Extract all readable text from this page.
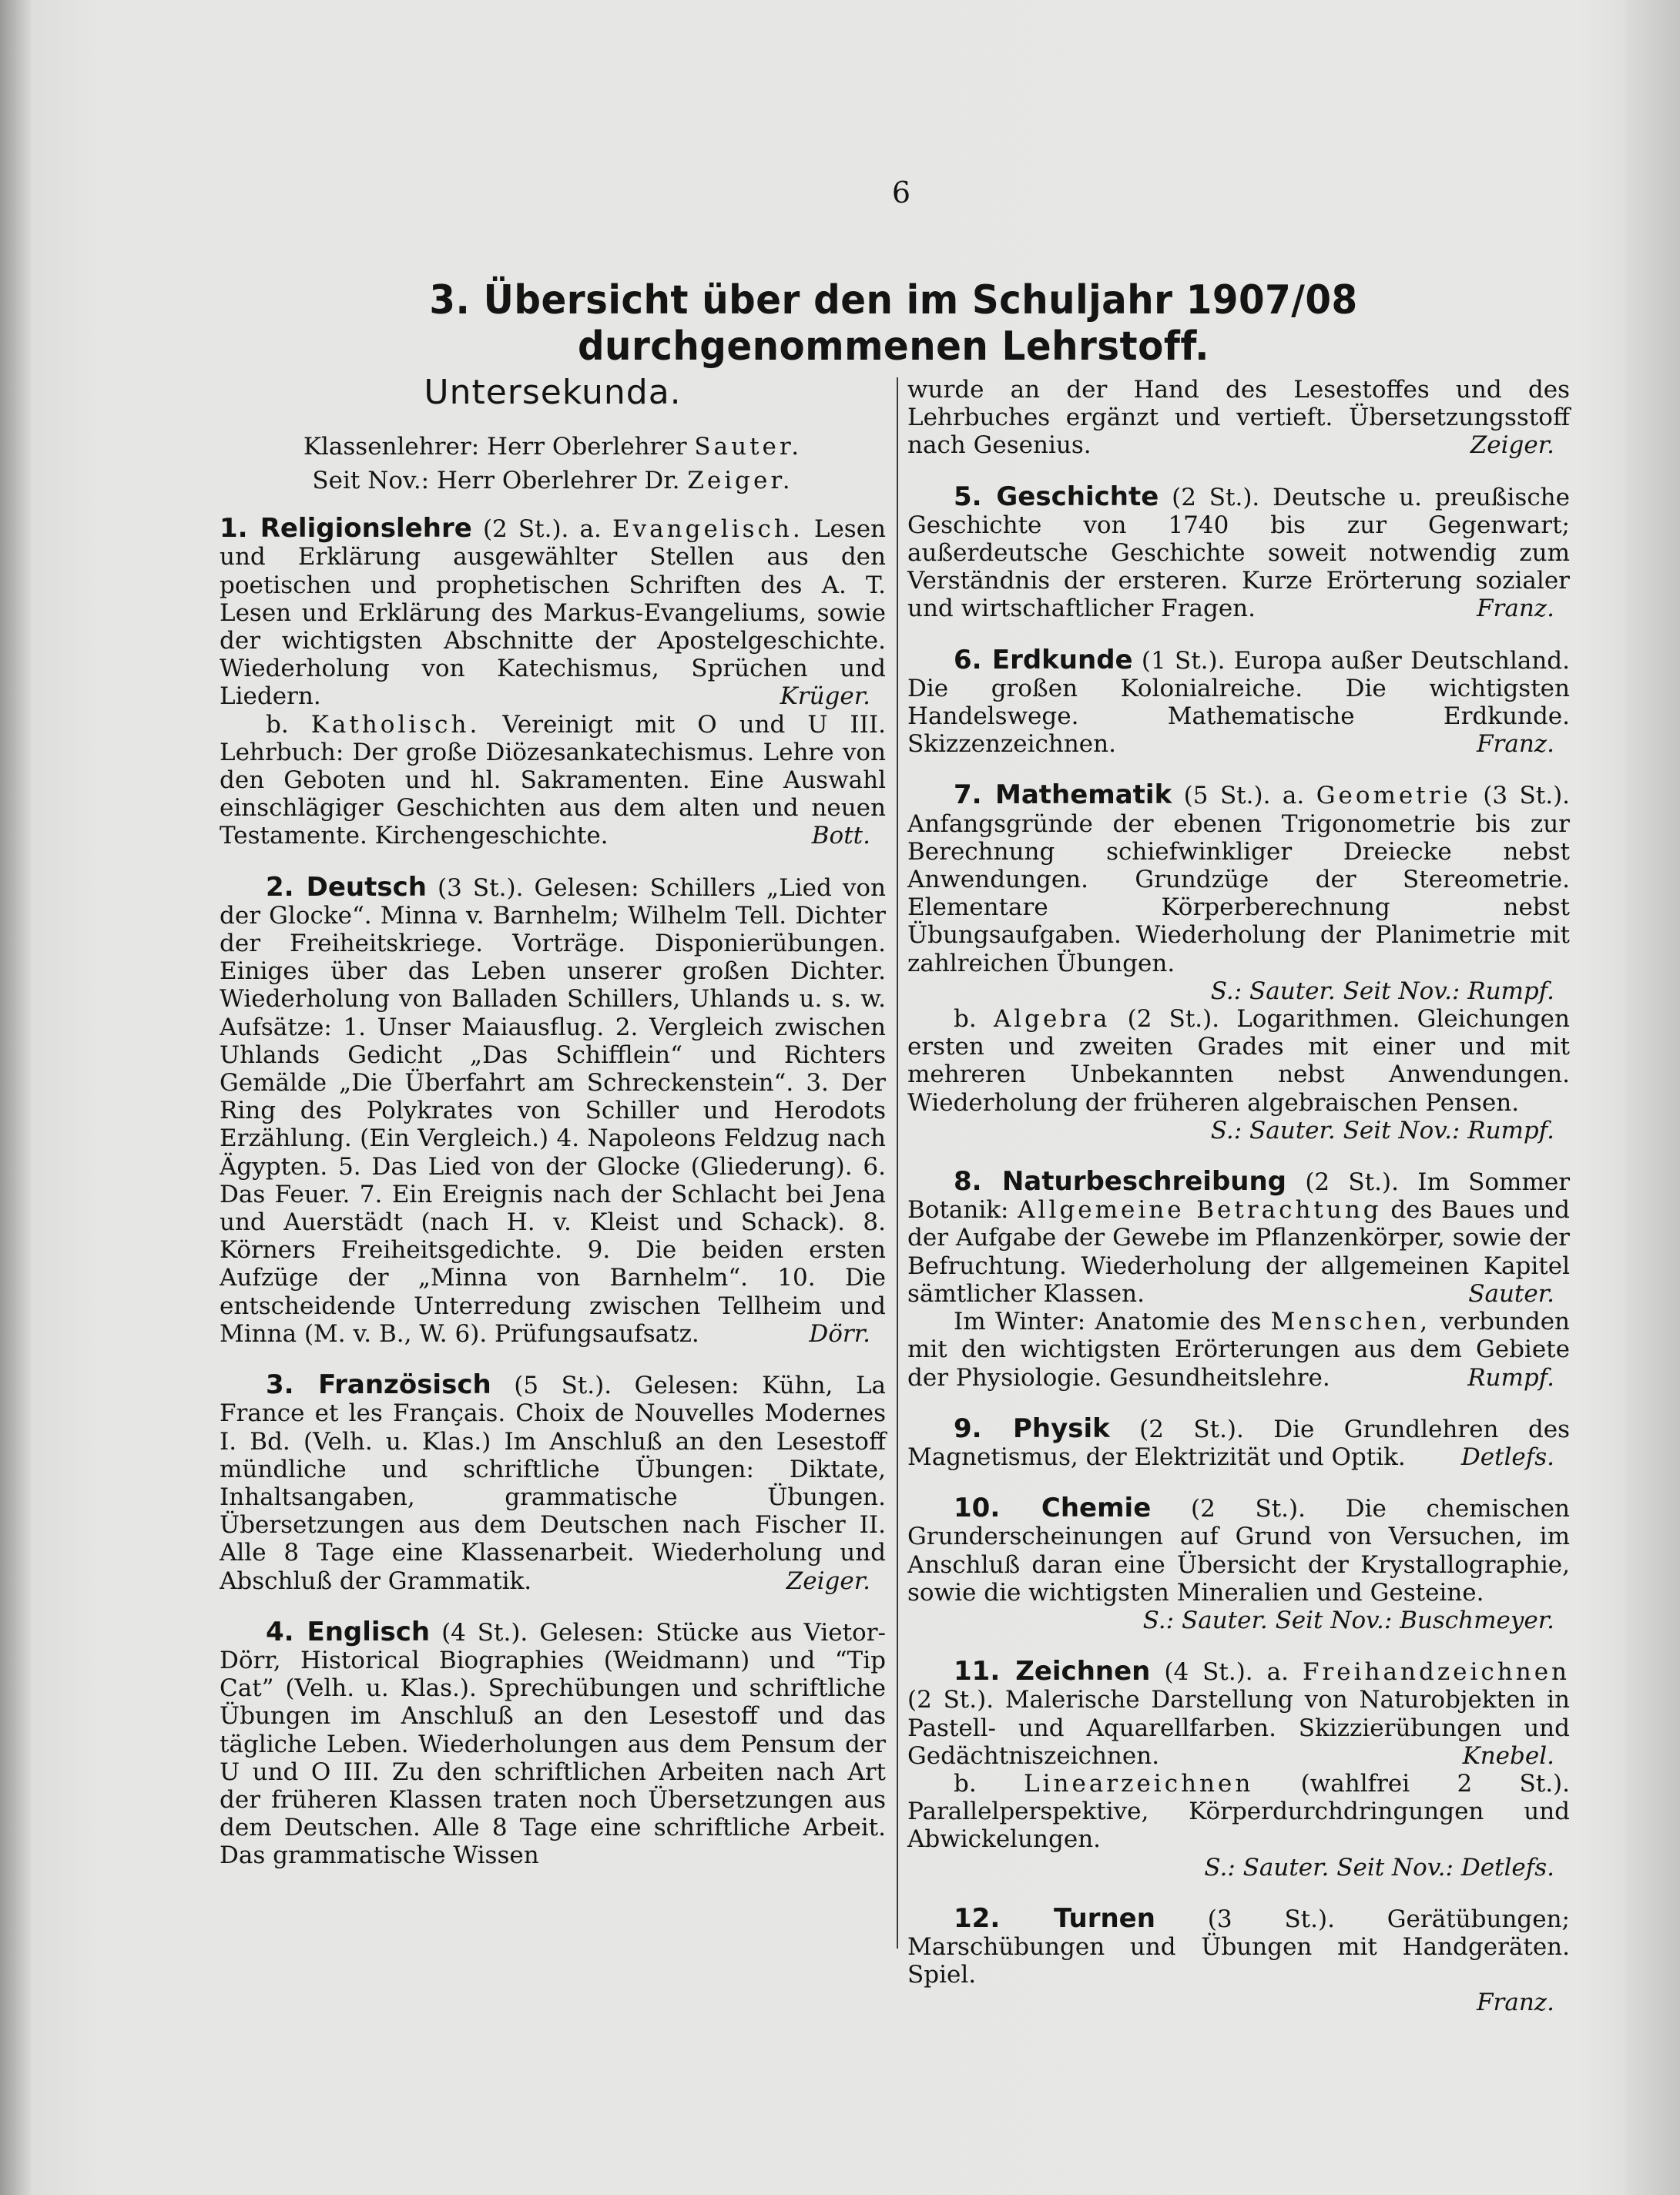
6
3. Übersicht über den im Schuljahr 1907/08 durchgenommenen Lehrstoff.
Untersekunda.

Klassenlehrer: Herr Oberlehrer Sauter.

Seit Nov.: Herr Oberlehrer Dr. Zeiger.

1. Religionslehre (2 St.). a. Evangelisch. Lesen und Erklärung ausgewählter Stellen aus den poetischen und prophetischen Schriften des A. T. Lesen und Erklärung des Markus-Evangeliums, sowie der wichtigsten Abschnitte der Apostelgeschichte. Wiederholung von Katechismus, Sprüchen und Liedern.	Krüger.

b. Katholisch. Vereinigt mit O und U III. Lehrbuch: Der große Diözesankatechismus. Lehre von den Geboten und hl. Sakramenten. Eine Auswahl einschlägiger Geschichten aus dem alten und neuen Testamente. Kirchengeschichte.	Bott.

2. Deutsch (3 St.). Gelesen: Schillers „Lied von der Glocke“. Minna v. Barnhelm; Wilhelm Tell. Dichter der Freiheitskriege. Vorträge. Disponierübungen. Einiges über das Leben unserer großen Dichter. Wiederholung von Balladen Schillers, Uhlands u. s. w. Aufsätze: 1. Unser Maiausflug. 2. Vergleich zwischen Uhlands Gedicht „Das Schifflein“ und Richters Gemälde „Die Überfahrt am Schreckenstein“. 3. Der Ring des Polykrates von Schiller und Herodots Erzählung. (Ein Vergleich.) 4. Napoleons Feldzug nach Ägypten. 5. Das Lied von der Glocke (Gliederung). 6. Das Feuer. 7. Ein Ereignis nach der Schlacht bei Jena und Auerstädt (nach H. v. Kleist und Schack). 8. Körners Freiheitsgedichte. 9. Die beiden ersten Aufzüge der „Minna von Barnhelm“. 10. Die entscheidende Unterredung zwischen Tellheim und Minna (M. v. B., W. 6). Prüfungsaufsatz.	Dörr.

3. Französisch (5 St.). Gelesen: Kühn, La France et les Français. Choix de Nouvelles Modernes I. Bd. (Velh. u. Klas.) Im Anschluß an den Lesestoff mündliche und schriftliche Übungen: Diktate, Inhaltsangaben, grammatische Übungen. Übersetzungen aus dem Deutschen nach Fischer II. Alle 8 Tage eine Klassenarbeit. Wiederholung und Abschluß der Grammatik.	Zeiger.

4. Englisch (4 St.). Gelesen: Stücke aus Vietor-Dörr, Historical Biographies (Weidmann) und “Tip Cat” (Velh. u. Klas.). Sprechübungen und schriftliche Übungen im Anschluß an den Lesestoff und das tägliche Leben. Wiederholungen aus dem Pensum der U und O III. Zu den schriftlichen Arbeiten nach Art der früheren Klassen traten noch Übersetzungen aus dem Deutschen. Alle 8 Tage eine schriftliche Arbeit. Das grammatische Wissen

wurde an der Hand des Lesestoffes und des Lehrbuches ergänzt und vertieft. Übersetzungsstoff nach Gesenius.	Zeiger.

5. Geschichte (2 St.). Deutsche u. preußische Geschichte von 1740 bis zur Gegenwart; außerdeutsche Geschichte soweit notwendig zum Verständnis der ersteren. Kurze Erörterung sozialer und wirtschaftlicher Fragen.	Franz.

6. Erdkunde (1 St.). Europa außer Deutschland. Die großen Kolonialreiche. Die wichtigsten Handelswege. Mathematische Erdkunde. Skizzenzeichnen.	Franz.

7. Mathematik (5 St.). a. Geometrie (3 St.). Anfangsgründe der ebenen Trigonometrie bis zur Berechnung schiefwinkliger Dreiecke nebst Anwendungen. Grundzüge der Stereometrie. Elementare Körperberechnung nebst Übungsaufgaben. Wiederholung der Planimetrie mit zahlreichen Übungen.

S.: Sauter. Seit Nov.: Rumpf.

b. Algebra (2 St.). Logarithmen. Gleichungen ersten und zweiten Grades mit einer und mit mehreren Unbekannten nebst Anwendungen. Wiederholung der früheren algebraischen Pensen.

S.: Sauter. Seit Nov.: Rumpf.

8. Naturbeschreibung (2 St.). Im Sommer Botanik: Allgemeine Betrachtung des Baues und der Aufgabe der Gewebe im Pflanzenkörper, sowie der Befruchtung. Wiederholung der allgemeinen Kapitel sämtlicher Klassen.	Sauter.

Im Winter: Anatomie des Menschen, verbunden mit den wichtigsten Erörterungen aus dem Gebiete der Physiologie. Gesundheitslehre.	Rumpf.

9. Physik (2 St.). Die Grundlehren des Magnetismus, der Elektrizität und Optik.	Detlefs.

10. Chemie (2 St.). Die chemischen Grunderscheinungen auf Grund von Versuchen, im Anschluß daran eine Übersicht der Krystallographie, sowie die wichtigsten Mineralien und Gesteine.

S.: Sauter. Seit Nov.: Buschmeyer.

11. Zeichnen (4 St.). a. Freihandzeichnen (2 St.). Malerische Darstellung von Naturobjekten in Pastell- und Aquarellfarben. Skizzierübungen und Gedächtniszeichnen.	Knebel.

b. Linearzeichnen (wahlfrei 2 St.). Parallelperspektive, Körperdurchdringungen und Abwickelungen.

S.: Sauter. Seit Nov.: Detlefs.

12. Turnen (3 St.). Gerätübungen; Marschübungen und Übungen mit Handgeräten. Spiel.

Franz.
